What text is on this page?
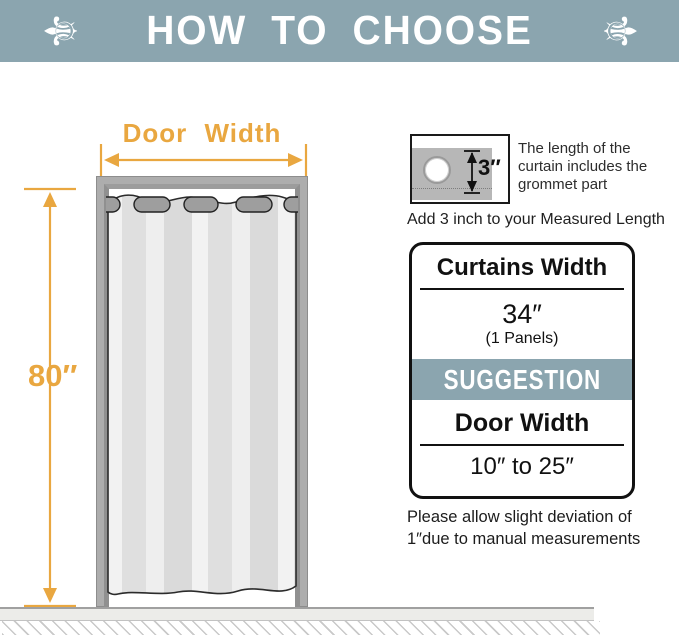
⚜	HOW TO CHOOSE	⚜
Door Width
80″
3″
The length of the curtain includes the grommet part
Add 3 inch to your Measured Length
Curtains Width
34″
(1 Panels)
SUGGESTION
Door Width
10″ to 25″
Please allow slight deviation of
1″due to manual measurements
